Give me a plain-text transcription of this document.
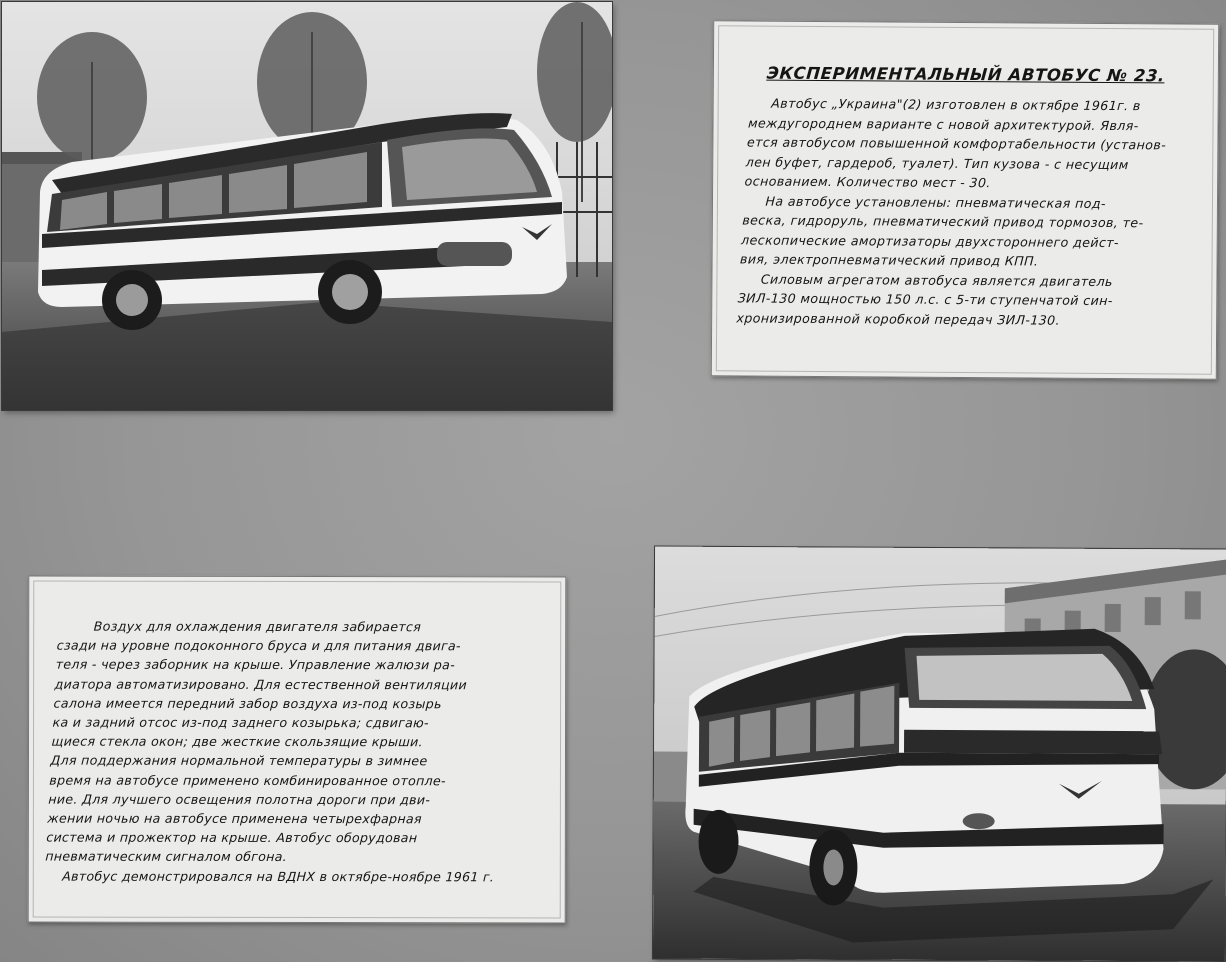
ЭКСПЕРИМЕНТАЛЬНЫЙ АВТОБУС № 23.
Автобус „Украина"(2) изготовлен в октябре 1961г. в
междугороднем варианте с новой архитектурой. Явля-
ется автобусом повышенной комфортабельности (установ-
лен буфет, гардероб, туалет). Тип кузова - с несущим
основанием. Количество мест - 30.
На автобусе установлены: пневматическая под-
веска, гидроруль, пневматический привод тормозов, те-
лескопические амортизаторы двухстороннего дейст-
вия, электропневматический привод КПП.
Силовым агрегатом автобуса является двигатель
ЗИЛ-130 мощностью 150 л.с. с 5-ти ступенчатой син-
хронизированной коробкой передач ЗИЛ-130.
Воздух для охлаждения двигателя забирается
сзади на уровне подоконного бруса и для питания двига-
теля - через заборник на крыше. Управление жалюзи ра-
диатора автоматизировано. Для естественной вентиляции
салона имеется передний забор воздуха из-под козырь
ка и задний отсос из-под заднего козырька; сдвигаю-
щиеся стекла окон; две жесткие скользящие крыши.
Для поддержания нормальной температуры в зимнее
время на автобусе применено комбинированное отопле-
ние. Для лучшего освещения полотна дороги при дви-
жении ночью на автобусе применена четырехфарная
система и прожектор на крыше. Автобус оборудован
пневматическим сигналом обгона.
Автобус демонстрировался на ВДНХ в октябре-ноябре 1961 г.
